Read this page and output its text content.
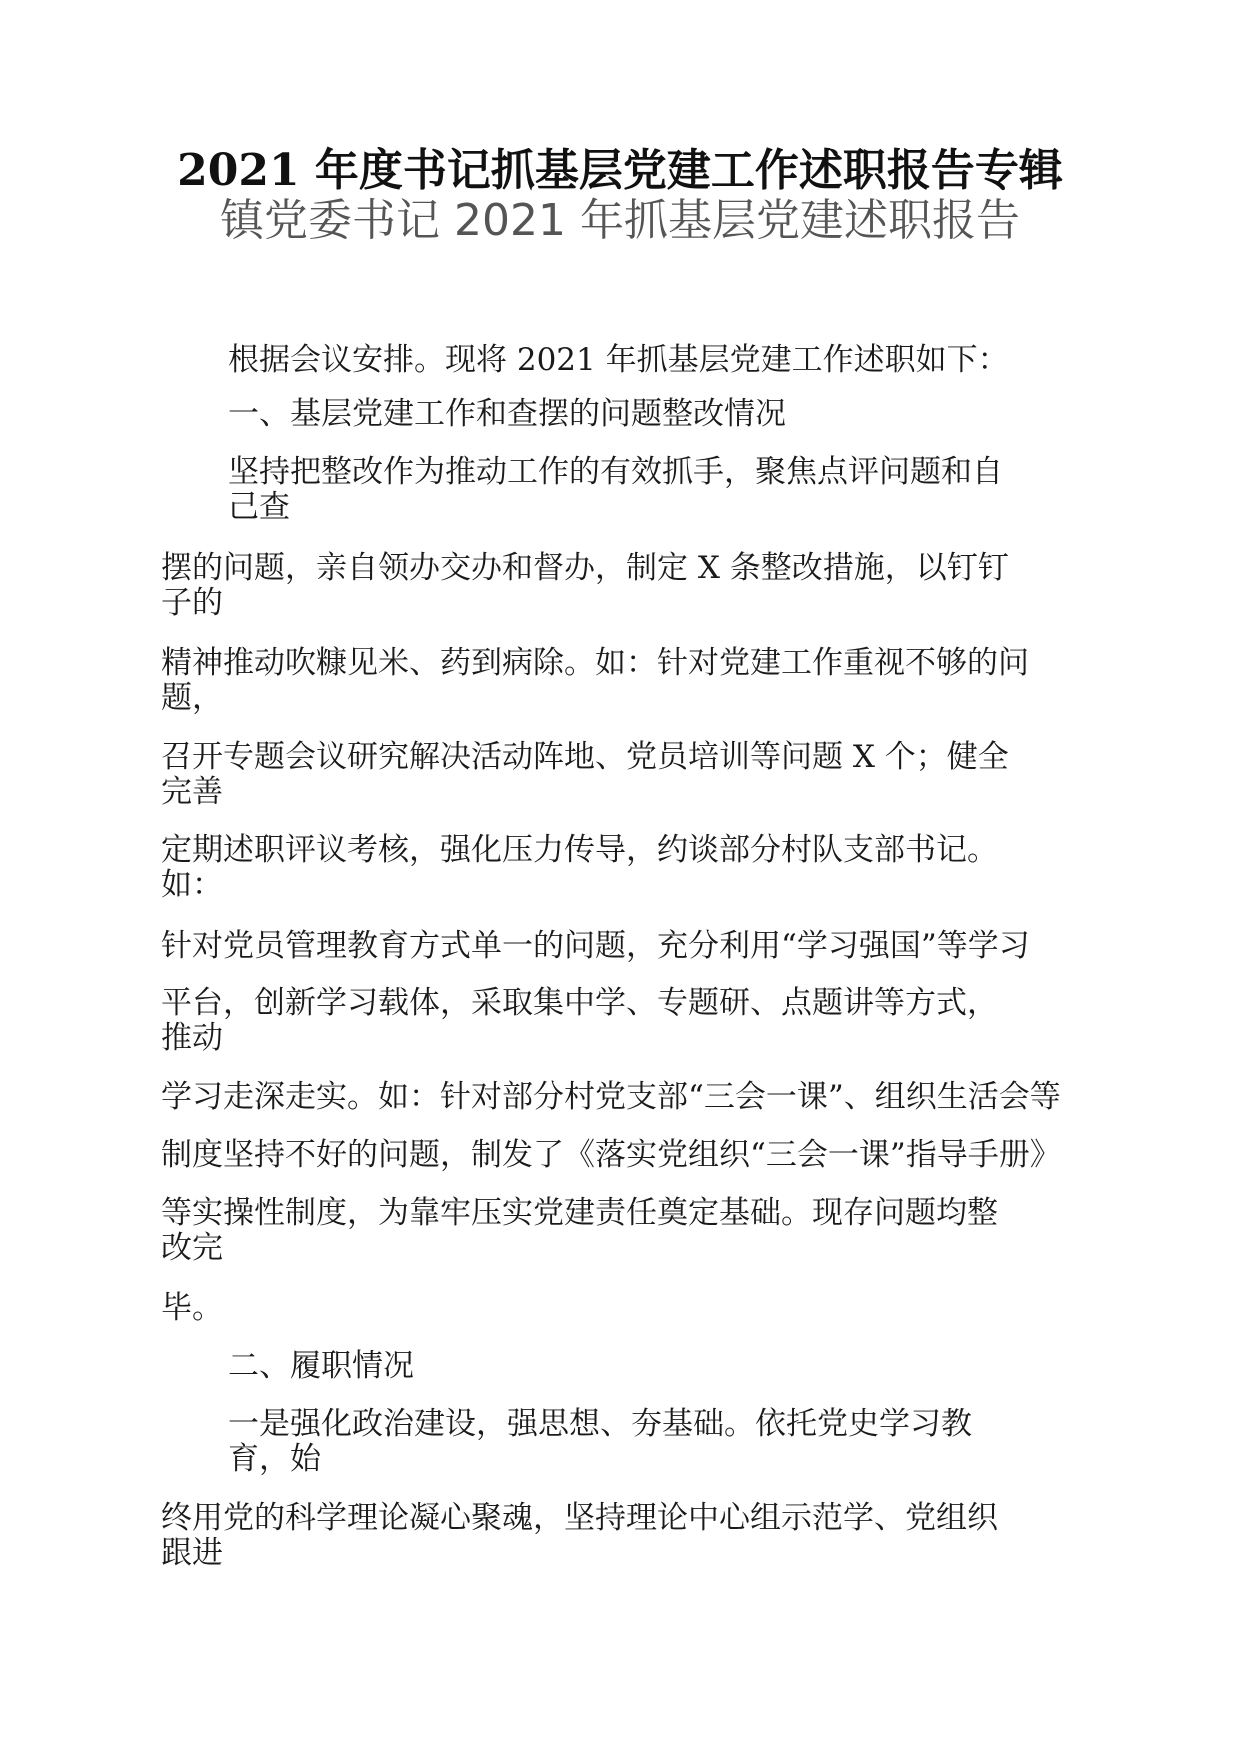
2021 年度书记抓基层党建工作述职报告专辑
镇党委书记 2021 年抓基层党建述职报告
根据会议安排。现将 2021 年抓基层党建工作述职如下：
一、基层党建工作和查摆的问题整改情况
坚持把整改作为推动工作的有效抓手，聚焦点评问题和自
己查
摆的问题，亲自领办交办和督办，制定 X 条整改措施，以钉钉
子的
精神推动吹糠见米、药到病除。如：针对党建工作重视不够的问
题，
召开专题会议研究解决活动阵地、党员培训等问题 X 个；健全
完善
定期述职评议考核，强化压力传导，约谈部分村队支部书记。
如：
针对党员管理教育方式单一的问题，充分利用“学习强国”等学习
平台，创新学习载体，采取集中学、专题研、点题讲等方式，
推动
学习走深走实。如：针对部分村党支部“三会一课”、组织生活会等
制度坚持不好的问题，制发了《落实党组织“三会一课”指导手册》
等实操性制度，为靠牢压实党建责任奠定基础。现存问题均整
改完
毕。
二、履职情况
一是强化政治建设，强思想、夯基础。依托党史学习教
育，始
终用党的科学理论凝心聚魂，坚持理论中心组示范学、党组织
跟进
